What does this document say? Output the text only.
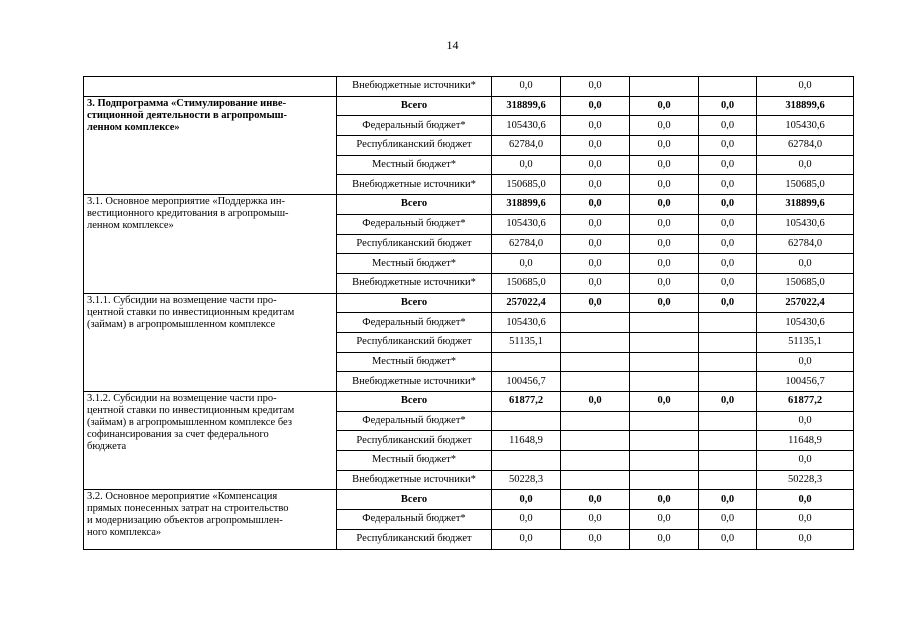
14
	Внебюджетные источники*	0,0	0,0			0,0

3. Подпрограмма «Стимулирование инве-
стиционной деятельности в агропромыш-
ленном комплексе»	Всего	318899,6	0,0	0,0	0,0	318899,6
	Федеральный бюджет*	105430,6	0,0	0,0	0,0	105430,6
	Республиканский бюджет	62784,0	0,0	0,0	0,0	62784,0
	Местный бюджет*	0,0	0,0	0,0	0,0	0,0
	Внебюджетные источники*	150685,0	0,0	0,0	0,0	150685,0

3.1. Основное мероприятие «Поддержка ин-
вестиционного кредитования в агропромыш-
ленном комплексе»	Всего	318899,6	0,0	0,0	0,0	318899,6
	Федеральный бюджет*	105430,6	0,0	0,0	0,0	105430,6
	Республиканский бюджет	62784,0	0,0	0,0	0,0	62784,0
	Местный бюджет*	0,0	0,0	0,0	0,0	0,0
	Внебюджетные источники*	150685,0	0,0	0,0	0,0	150685,0

3.1.1. Субсидии на возмещение части про-
центной ставки по инвестиционным кредитам
(займам) в агропромышленном комплексе	Всего	257022,4	0,0	0,0	0,0	257022,4
	Федеральный бюджет*	105430,6				105430,6
	Республиканский бюджет	51135,1				51135,1
	Местный бюджет*					0,0
	Внебюджетные источники*	100456,7				100456,7

3.1.2. Субсидии на возмещение части про-
центной ставки по инвестиционным кредитам
(займам) в агропромышленном комплексе без
софинансирования за счет федерального
бюджета	Всего	61877,2	0,0	0,0	0,0	61877,2
	Федеральный бюджет*					0,0
	Республиканский бюджет	11648,9				11648,9
	Местный бюджет*					0,0
	Внебюджетные источники*	50228,3				50228,3

3.2. Основное мероприятие «Компенсация
прямых понесенных затрат на строительство
и модернизацию объектов агропромышлен-
ного комплекса»	Всего	0,0	0,0	0,0	0,0	0,0
	Федеральный бюджет*	0,0	0,0	0,0	0,0	0,0
	Республиканский бюджет	0,0	0,0	0,0	0,0	0,0
